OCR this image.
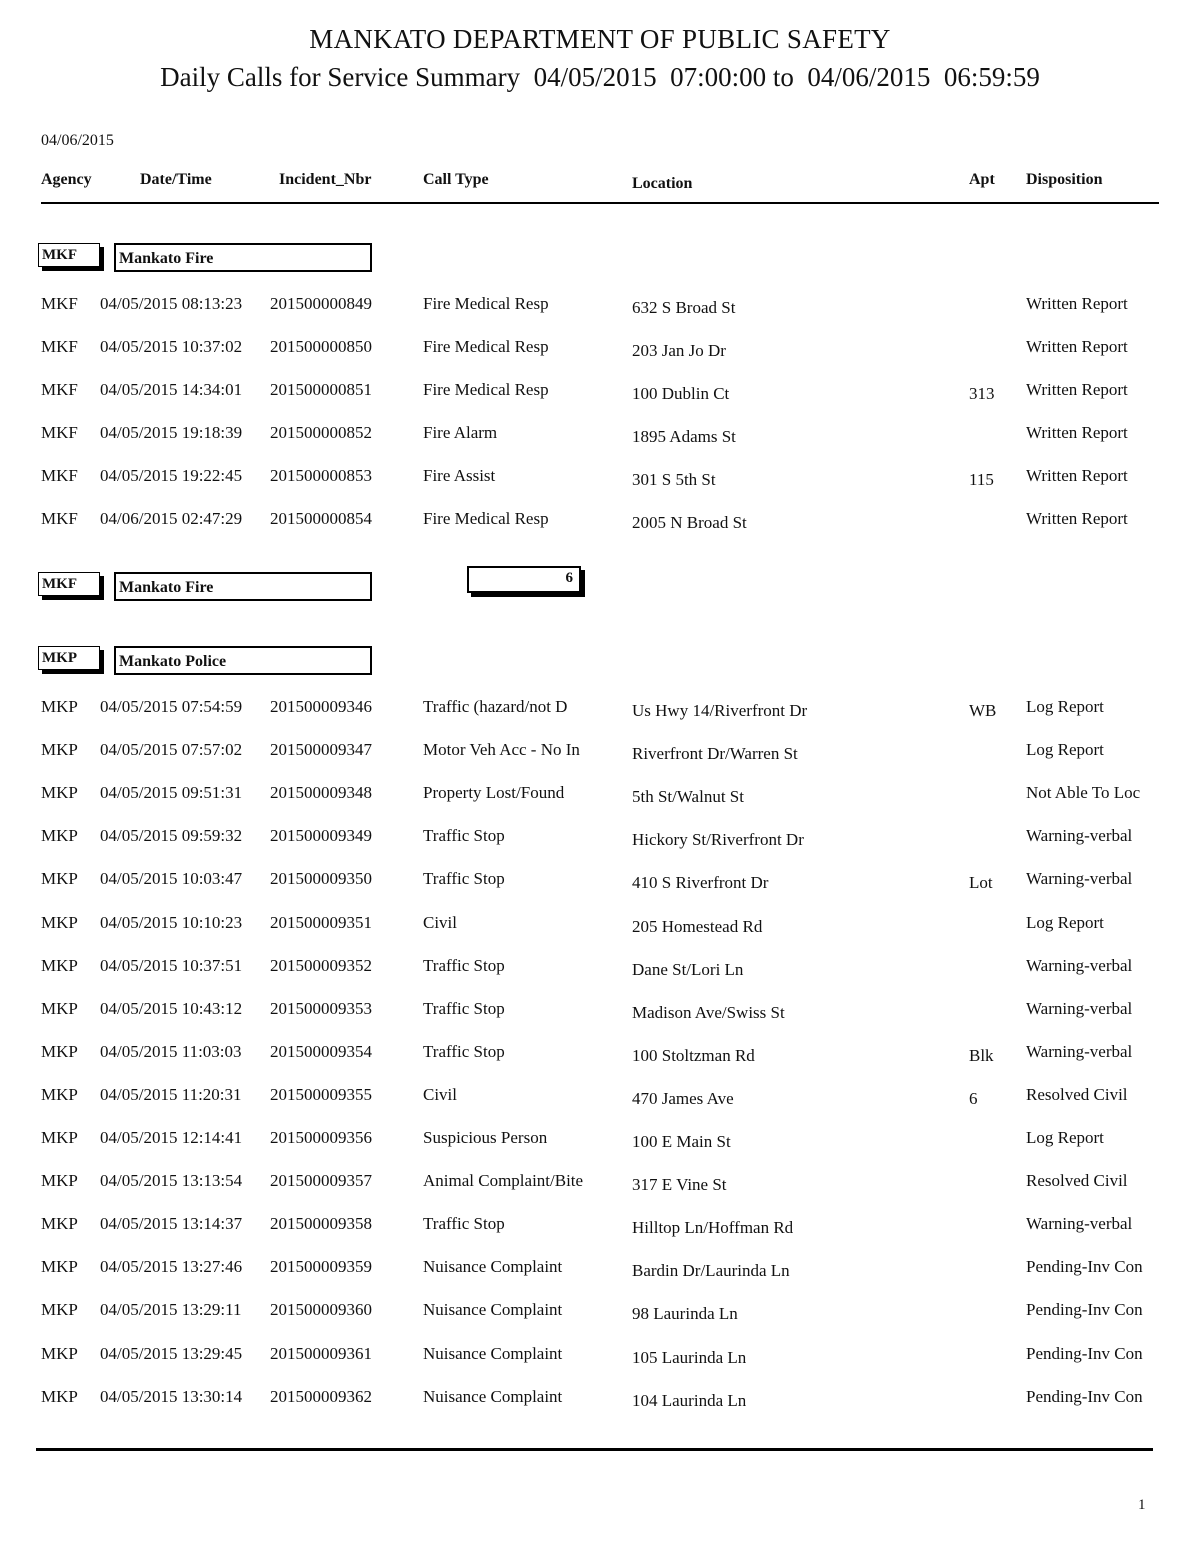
MANKATO DEPARTMENT OF PUBLIC SAFETY
Daily Calls for Service Summary  04/05/2015  07:00:00 to  04/06/2015  06:59:59
04/06/2015
Agency	Date/Time	Incident_Nbr	Call Type	Location	Apt Disposition
MKF	Mankato Fire
MKF 04/05/2015 08:13:23 201500000849	Fire Medical Resp	632 S Broad St	Written Report
MKF 04/05/2015 10:37:02 201500000850	Fire Medical Resp	203 Jan Jo Dr	Written Report
MKF 04/05/2015 14:34:01 201500000851	Fire Medical Resp	100 Dublin Ct	313 Written Report
MKF 04/05/2015 19:18:39 201500000852	Fire Alarm	1895 Adams St	Written Report
MKF 04/05/2015 19:22:45 201500000853	Fire Assist	301 S 5th St	115 Written Report
MKF 04/06/2015 02:47:29 201500000854	Fire Medical Resp	2005 N Broad St	Written Report
MKF	Mankato Fire
6
MKP	Mankato Police
MKP 04/05/2015 07:54:59 201500009346	Traffic (hazard/not D	Us Hwy 14/Riverfront Dr	WB Log Report
MKP 04/05/2015 07:57:02 201500009347	Motor Veh Acc - No In	Riverfront Dr/Warren St	Log Report
MKP 04/05/2015 09:51:31 201500009348	Property Lost/Found	5th St/Walnut St	Not Able To Loc
MKP 04/05/2015 09:59:32 201500009349	Traffic Stop	Hickory St/Riverfront Dr	Warning-verbal
MKP 04/05/2015 10:03:47 201500009350	Traffic Stop	410 S Riverfront Dr	Lot Warning-verbal
MKP 04/05/2015 10:10:23 201500009351	Civil	205 Homestead Rd	Log Report
MKP 04/05/2015 10:37:51 201500009352	Traffic Stop	Dane St/Lori Ln	Warning-verbal
MKP 04/05/2015 10:43:12 201500009353	Traffic Stop	Madison Ave/Swiss St	Warning-verbal
MKP 04/05/2015 11:03:03 201500009354	Traffic Stop	100 Stoltzman Rd	Blk Warning-verbal
MKP 04/05/2015 11:20:31 201500009355	Civil	470 James Ave	6	Resolved Civil
MKP 04/05/2015 12:14:41 201500009356	Suspicious Person	100 E Main St	Log Report
MKP 04/05/2015 13:13:54 201500009357	Animal Complaint/Bite	317 E Vine St	Resolved Civil
MKP 04/05/2015 13:14:37 201500009358	Traffic Stop	Hilltop Ln/Hoffman Rd	Warning-verbal
MKP 04/05/2015 13:27:46 201500009359	Nuisance Complaint	Bardin Dr/Laurinda Ln	Pending-Inv Con
MKP 04/05/2015 13:29:11 201500009360	Nuisance Complaint	98 Laurinda Ln	Pending-Inv Con
MKP 04/05/2015 13:29:45 201500009361	Nuisance Complaint	105 Laurinda Ln	Pending-Inv Con
MKP 04/05/2015 13:30:14 201500009362	Nuisance Complaint	104 Laurinda Ln	Pending-Inv Con
1
